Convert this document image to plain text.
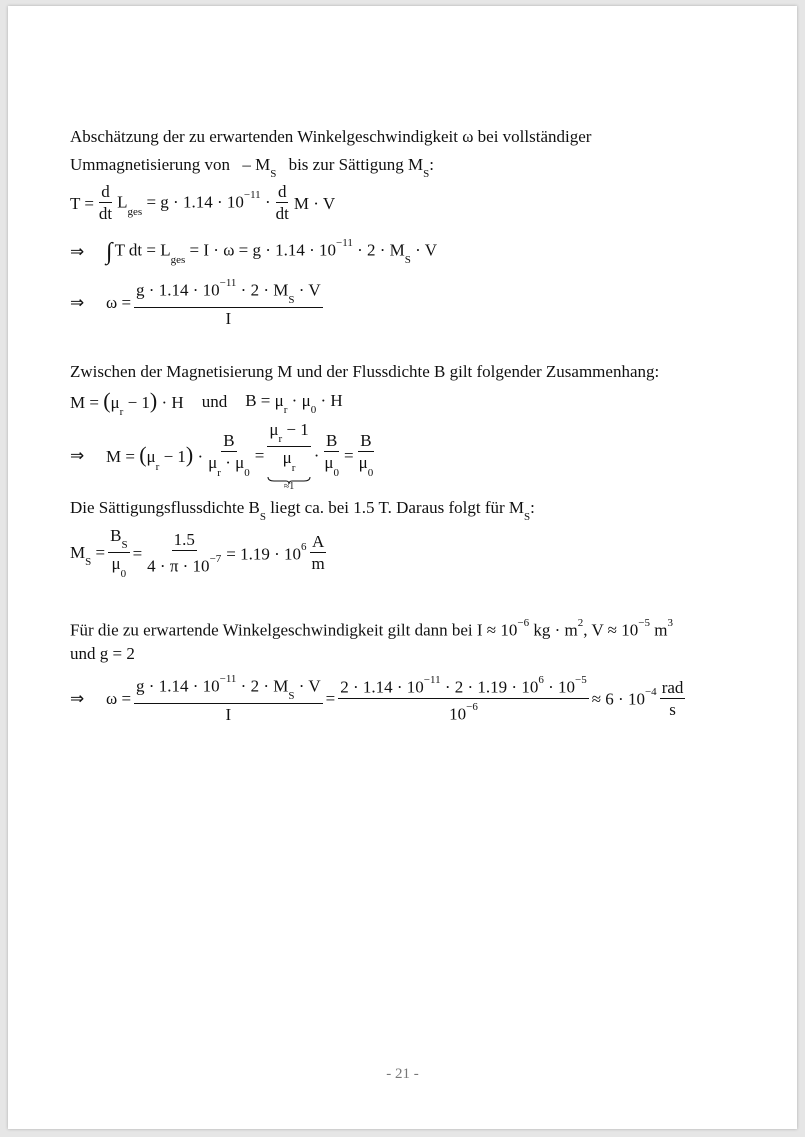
Abschätzung der zu erwartenden Winkelgeschwindigkeit ω bei vollständiger
Ummagnetisierung von – $M_S$ bis zur Sättigung $M_S$:
$T = \frac{d}{dt} L_{ges} = g \cdot 1.14 \cdot 10^{-11} \cdot \frac{d}{dt}$ M · V
⇒ ∫ T dt = $L_{ges} = I \cdot \omega = g \cdot 1.14 \cdot 10^{-11} \cdot 2 \cdot M_S \cdot V$
⇒	$\omega = \frac{g \cdot 1.14 \cdot 10^{-11} \cdot 2 \cdot M_S \cdot V}{I}$
Zwischen der Magnetisierung M und der Flussdichte B gilt folgender Zusammenhang:
$M = (\mu_r - 1) \cdot H$ und $B = \mu_r \cdot \mu_0 \cdot H$
⇒	$M = (\mu_r - 1) \cdot \frac{B}{\mu_r \cdot \mu_0} = \frac{\mu_r - 1}{\mu_r}$
≈1
· $\frac{B}{\mu_0} = \frac{B}{\mu_0}$
Die Sättigungsflussdichte $B_S$ liegt ca. bei 1.5 T. Daraus folgt für $M_S$:
$M_S = \frac{B_S}{\mu_0} = \frac{1.5}{4 \cdot \pi \cdot 10^{-7}} = 1.19 \cdot 10^6 \frac{A}{m}$
Für die zu erwartende Winkelgeschwindigkeit gilt dann bei $I \approx 10^{-6}$ kg · $m^2$, $V \approx 10^{-5}$ $m^3$
und g = 2
⇒	$\omega = \frac{g \cdot 1.14 \cdot 10^{-11} \cdot 2 \cdot M_S \cdot V}{I} = \frac{2 \cdot 1.14 \cdot 10^{-11} \cdot 2 \cdot 1.19 \cdot 10^6 \cdot 10^{-5}}{10^{-6}} \approx 6 \cdot 10^{-4} \frac{\text{rad}}{s}$
- 21 -
